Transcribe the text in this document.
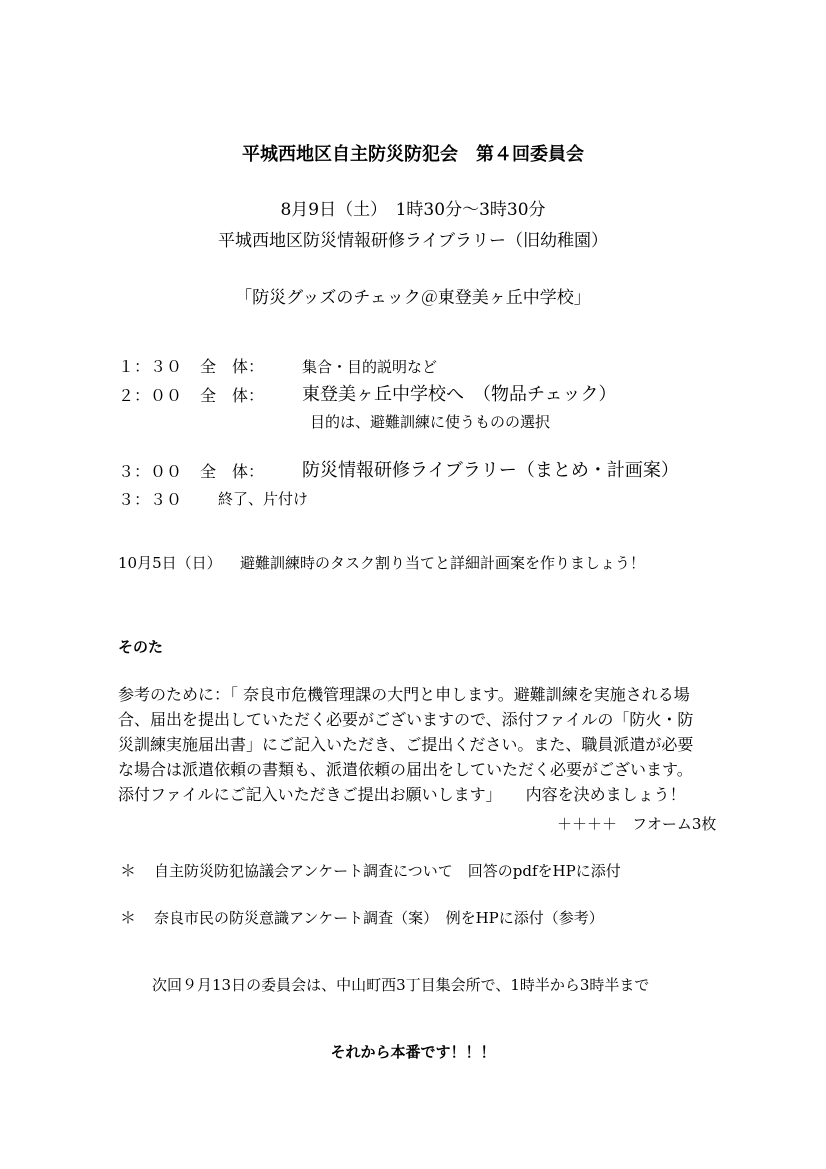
平城西地区自主防災防犯会　第４回委員会
8月9日（土）　1時30分〜3時30分
平城西地区防災情報研修ライブラリー（旧幼稚園）
「防災グッズのチェック＠東登美ヶ丘中学校」
１：３０ 全　体：	集合・目的説明など
２：００ 全　体： 東登美ヶ丘中学校へ　（物品チェック）
目的は、避難訓練に使うものの選択
３：００ 全　体： 防災情報研修ライブラリー（まとめ・計画案）
３：３０ 終了、片付け
10月5日（日） 避難訓練時のタスク割り当てと詳細計画案を作りましょう！
そのた
参考のために：「 奈良市危機管理課の大門と申します。避難訓練を実施される場
合、届出を提出していただく必要がございますので、添付ファイルの「防火・防
災訓練実施届出書」にご記入いただき、ご提出ください。また、職員派遣が必要
な場合は派遣依頼の書類も、派遣依頼の届出をしていただく必要がございます。
添付ファイルにご記入いただきご提出お願いします」　　内容を決めましょう！
＋＋＋＋　フオーム3枚
＊ 自主防災防犯協議会アンケート調査について　回答のpdfをHPに添付
＊ 奈良市民の防災意識アンケート調査（案）　例をHPに添付（参考）
次回９月13日の委員会は、中山町西3丁目集会所で、1時半から3時半まで
それから本番です！！！
